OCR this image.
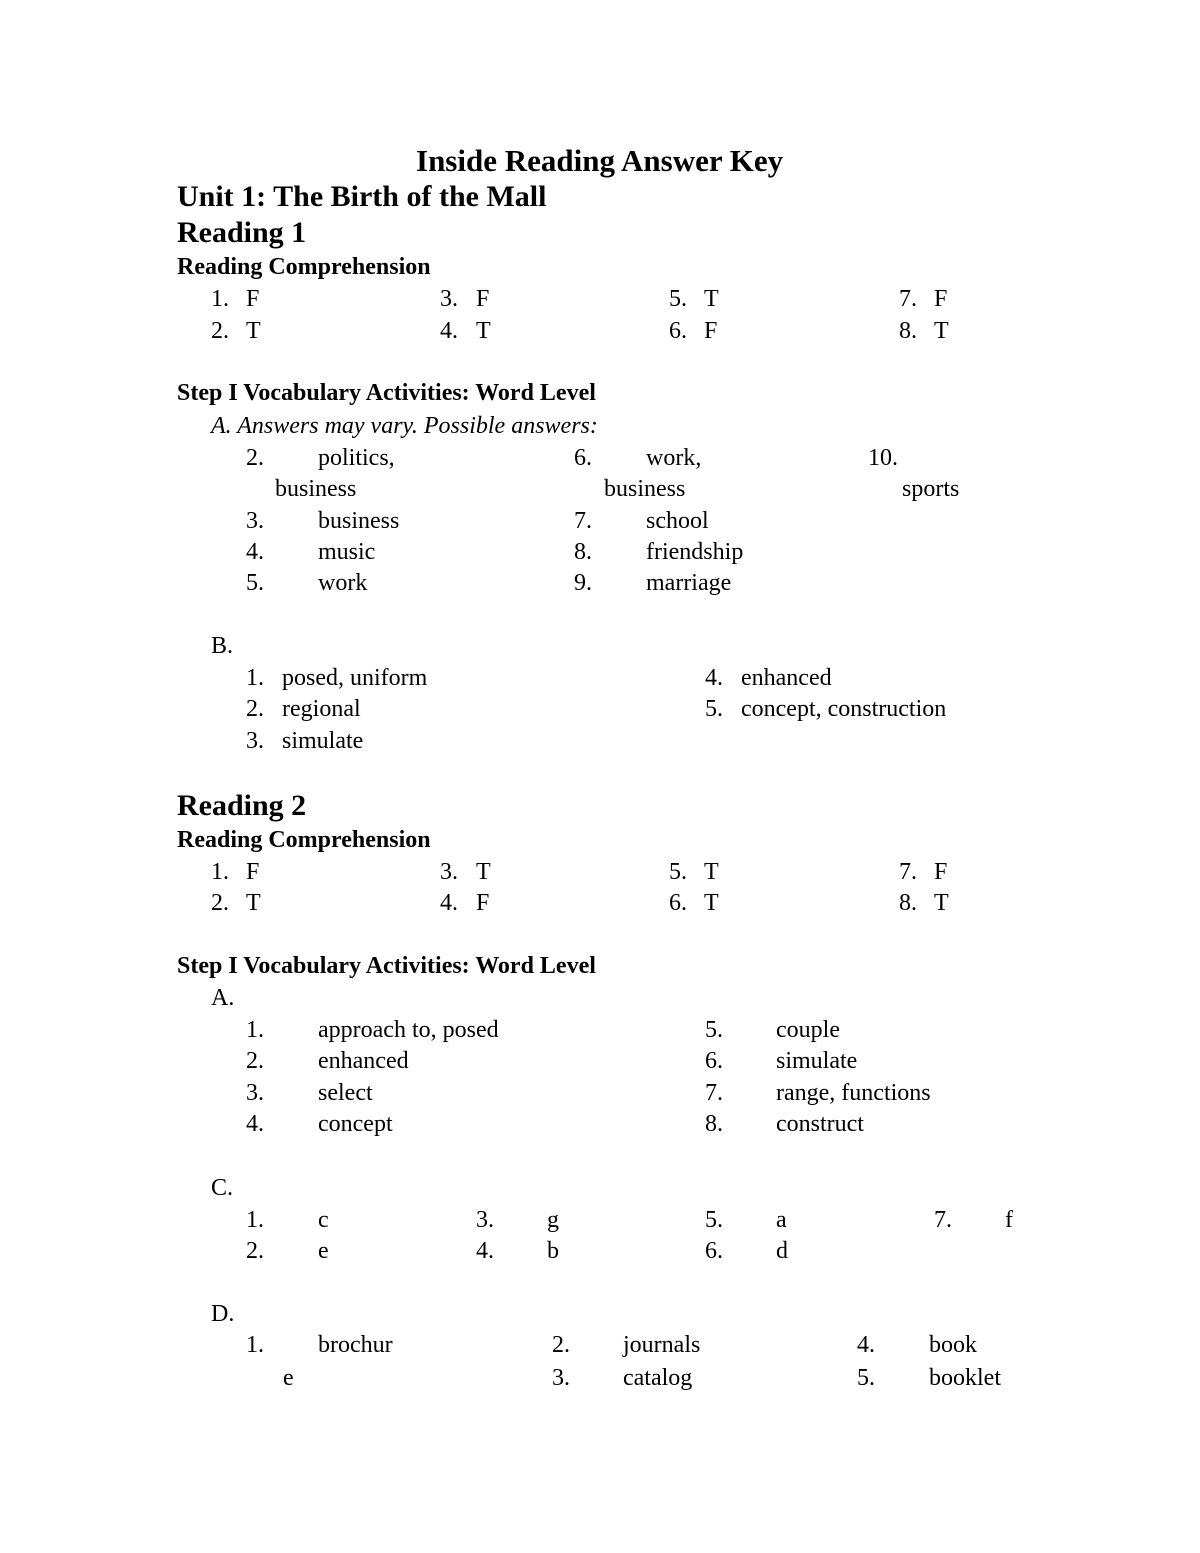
Inside Reading Answer Key
Unit 1: The Birth of the Mall
Reading 1
Reading Comprehension
1. F
2. T
3. F
4. T
5. T
6. F
7. F
8. T
Step I Vocabulary Activities: Word Level
A. Answers may vary. Possible answers:
2. politics,
business
3. business
4. music
5. work
6. work,
business
7. school
8. friendship
9. marriage
10.
sports
B.
1. posed, uniform
2. regional
3. simulate
4. enhanced
5. concept, construction
Reading 2
Reading Comprehension
1. F
2. T
3. T
4. F
5. T
6. T
7. F
8. T
Step I Vocabulary Activities: Word Level
A.
1. approach to, posed
2. enhanced
3. select
4. concept
5. couple
6. simulate
7. range, functions
8. construct
C.
1. c
2. e
3. g
4. b
5. a
6. d
7. f
D.
1. brochur
e
2. journals
3. catalog
4. book
5. booklet
